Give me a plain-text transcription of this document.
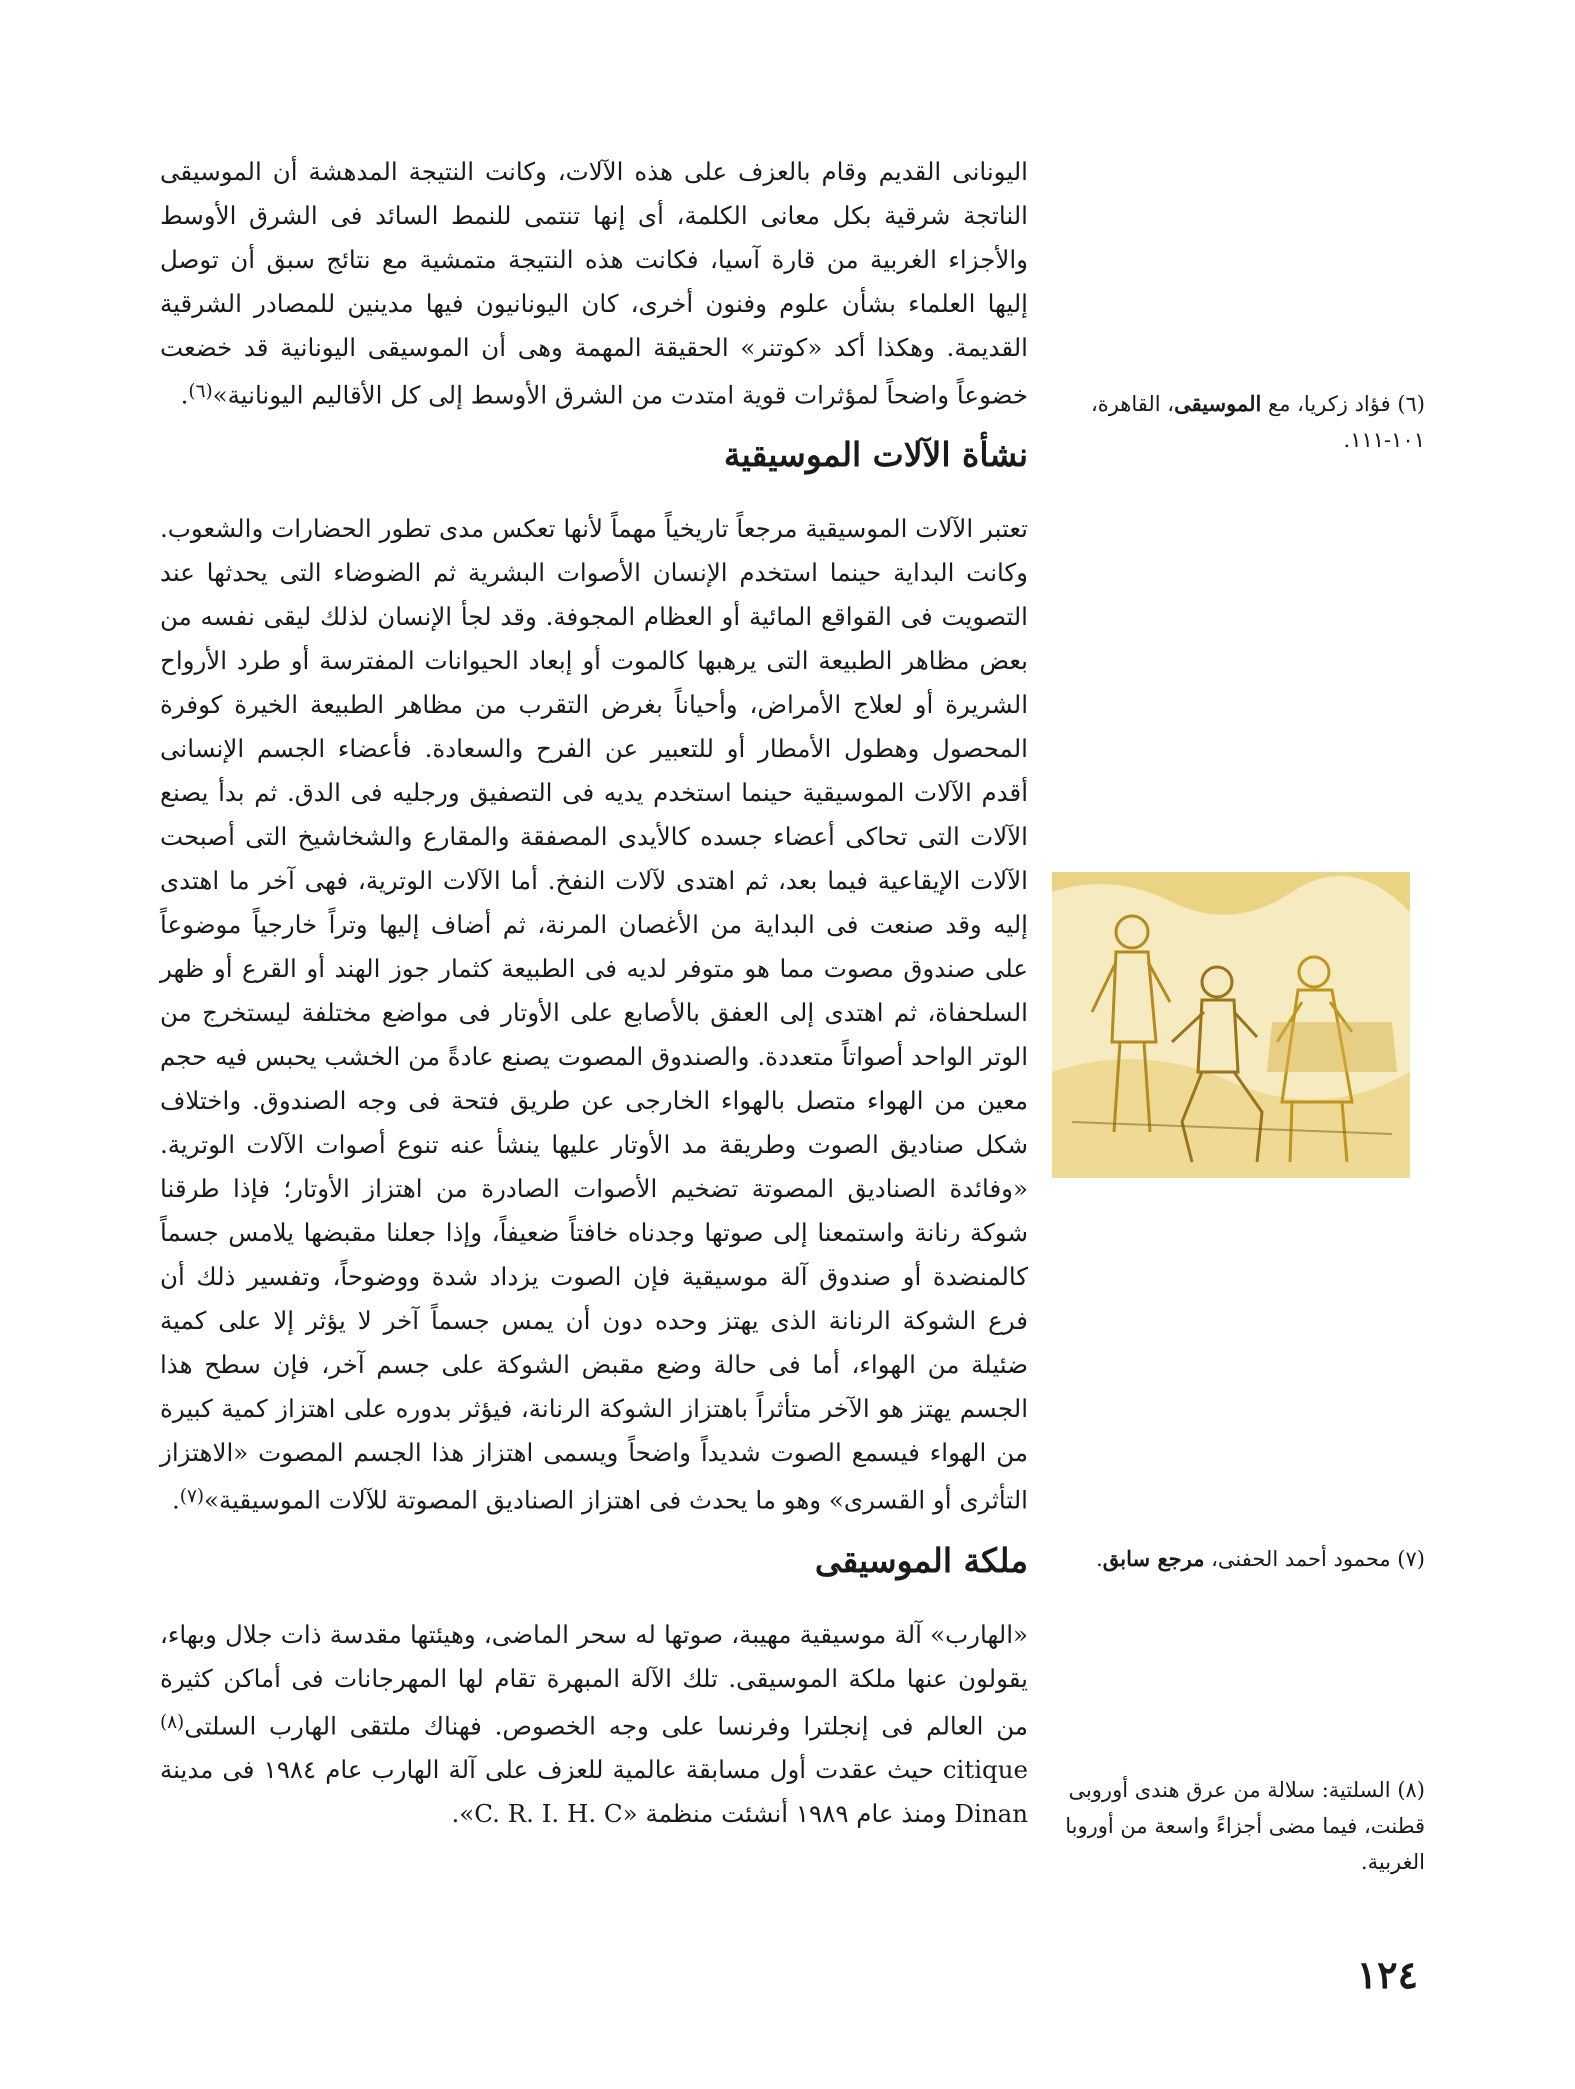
اليونانى القديم وقام بالعزف على هذه الآلات، وكانت النتيجة المدهشة أن الموسيقى الناتجة شرقية بكل معانى الكلمة، أى إنها تنتمى للنمط السائد فى الشرق الأوسط والأجزاء الغربية من قارة آسيا، فكانت هذه النتيجة متمشية مع نتائج سبق أن توصل إليها العلماء بشأن علوم وفنون أخرى، كان اليونانيون فيها مدينين للمصادر الشرقية القديمة. وهكذا أكد «كوتنر» الحقيقة المهمة وهى أن الموسيقى اليونانية قد خضعت خضوعاً واضحاً لمؤثرات قوية امتدت من الشرق الأوسط إلى كل الأقاليم اليونانية»$^{(٦)}$.

نشأة الآلات الموسيقية

تعتبر الآلات الموسيقية مرجعاً تاريخياً مهماً لأنها تعكس مدى تطور الحضارات والشعوب. وكانت البداية حينما استخدم الإنسان الأصوات البشرية ثم الضوضاء التى يحدثها عند التصويت فى القواقع المائية أو العظام المجوفة. وقد لجأ الإنسان لذلك ليقى نفسه من بعض مظاهر الطبيعة التى يرهبها كالموت أو إبعاد الحيوانات المفترسة أو طرد الأرواح الشريرة أو لعلاج الأمراض، وأحياناً بغرض التقرب من مظاهر الطبيعة الخيرة كوفرة المحصول وهطول الأمطار أو للتعبير عن الفرح والسعادة. فأعضاء الجسم الإنسانى أقدم الآلات الموسيقية حينما استخدم يديه فى التصفيق ورجليه فى الدق. ثم بدأ يصنع الآلات التى تحاكى أعضاء جسده كالأيدى المصفقة والمقارع والشخاشيخ التى أصبحت الآلات الإيقاعية فيما بعد، ثم اهتدى لآلات النفخ. أما الآلات الوترية، فهى آخر ما اهتدى إليه وقد صنعت فى البداية من الأغصان المرنة، ثم أضاف إليها وتراً خارجياً موضوعاً على صندوق مصوت مما هو متوفر لديه فى الطبيعة كثمار جوز الهند أو القرع أو ظهر السلحفاة، ثم اهتدى إلى العفق بالأصابع على الأوتار فى مواضع مختلفة ليستخرج من الوتر الواحد أصواتاً متعددة. والصندوق المصوت يصنع عادةً من الخشب يحبس فيه حجم معين من الهواء متصل بالهواء الخارجى عن طريق فتحة فى وجه الصندوق. واختلاف شكل صناديق الصوت وطريقة مد الأوتار عليها ينشأ عنه تنوع أصوات الآلات الوترية. «وفائدة الصناديق المصوتة تضخيم الأصوات الصادرة من اهتزاز الأوتار؛ فإذا طرقنا شوكة رنانة واستمعنا إلى صوتها وجدناه خافتاً ضعيفاً، وإذا جعلنا مقبضها يلامس جسماً كالمنضدة أو صندوق آلة موسيقية فإن الصوت يزداد شدة ووضوحاً، وتفسير ذلك أن فرع الشوكة الرنانة الذى يهتز وحده دون أن يمس جسماً آخر لا يؤثر إلا على كمية ضئيلة من الهواء، أما فى حالة وضع مقبض الشوكة على جسم آخر، فإن سطح هذا الجسم يهتز هو الآخر متأثراً باهتزاز الشوكة الرنانة، فيؤثر بدوره على اهتزاز كمية كبيرة من الهواء فيسمع الصوت شديداً واضحاً ويسمى اهتزاز هذا الجسم المصوت «الاهتزاز التأثرى أو القسرى» وهو ما يحدث فى اهتزاز الصناديق المصوتة للآلات الموسيقية»$^{(٧)}$.

ملكة الموسيقى

«الهارب» آلة موسيقية مهيبة، صوتها له سحر الماضى، وهيئتها مقدسة ذات جلال وبهاء، يقولون عنها ملكة الموسيقى. تلك الآلة المبهرة تقام لها المهرجانات فى أماكن كثيرة من العالم فى إنجلترا وفرنسا على وجه الخصوص. فهناك ملتقى الهارب السلتى$^{(٨)}$ citique حيث عقدت أول مسابقة عالمية للعزف على آلة الهارب عام ١٩٨٤ فى مدينة Dinan ومنذ عام ١٩٨٩ أنشئت منظمة «C. R. I. H. C».

(٦) فؤاد زكريا، مع الموسيقى، القاهرة، ١٠١-١١١.
(٧) محمود أحمد الحفنى، مرجع سابق.
(٨) السلتية: سلالة من عرق هندى أوروبى قطنت، فيما مضى أجزاءً واسعة من أوروبا الغربية.
١٢٤
